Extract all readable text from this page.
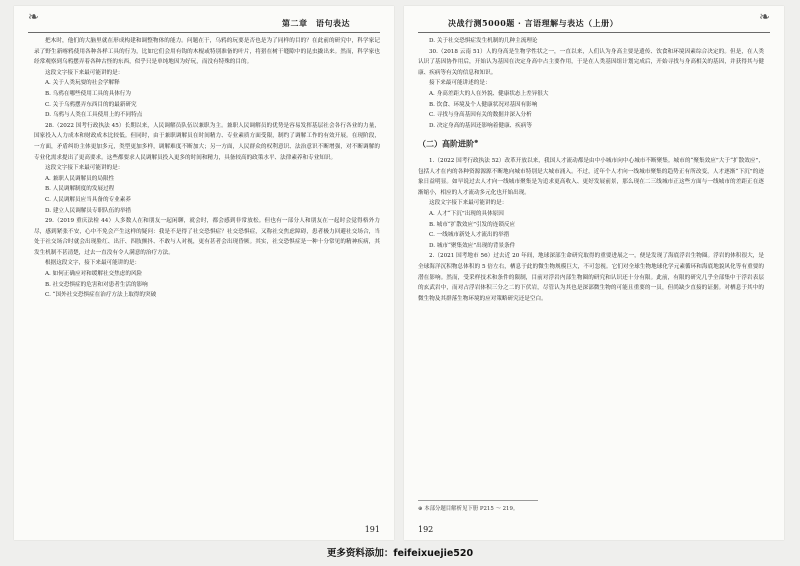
❧	第二章　语句表达

把木时，他们的大脑里就在形成构建和调整物体的能力。问题在于，乌鸦的玩要是否也是为了同样的目的？在此前的研究中，科学家记录了野生新喀鸦使用各种各样工具的行为，比如它们会用有钩的木棍或特别准备的叶片，将猎在树干缝隙中的昆虫撬出来。然而，科学家也经常观察到乌鸦摆弄着各种古怪的东西，似乎只是单纯地因为好玩，而没有特殊的目的。

这段文字接下来最可能讲的是：

A. 关于人类玩耍的社会学解释

B. 乌鸦在哪些使用工具的具体行为

C. 关于乌鸦摆弄东西目的的最新研究

D. 乌鸦与人类在工具使用上的不同特点

28.（2022 国考行政执法 45）长期以来，人民调解员队伍以兼职为主。兼职人民调解员的优势是容易发挥基层社会各行各业的力量，国家投入人力成本和财政成本比较低。但同时，由于兼职调解员在时间精力、专业素质方面受限，制约了调解工作的有效开展。在现阶段，一方面，矛盾纠纷主体更加多元，类型更加多样，调解难度不断加大；另一方面，人民群众的权利意识、法治意识不断增强，对不断调解的专业化需求提出了更高要求。这些都要求人民调解员投入更多的时间和精力，具备较高的政策水平、法律素养和专业知识。

这段文字接下来最可能讲的是：

A. 兼职人民调解员的局限性

B. 人民调解制度的发展过程

C. 人民调解员应当具备的专业素养

D. 建立人民调解员专职队伍的举措

29.（2019 重庆法检 44）人多数人在和朋友一起闲聊，就会时，都会感到非常放松。但也有一部分人和朋友在一起时会觉得格外力尽，感到紧张不安，心中不免会产生这样的疑问：我是不是得了社交恐惧症？社交恐惧症，又称社交焦虑障碍，患者极力回避社交场合，当处于社交场合时就会出现脸红、出汗、四肢颤抖、不敢与人对视，更有甚者会出现昏厥。其实，社交恐惧症是一种十分常见的精神疾病，其发生机制不甚清楚，过去一直没有令人满意的治疗方法。

根据这段文字，接下来最可能讲的是：

A. 如何正确应对和缓解社交焦虑的风险

B. 社交恐惧症的危害和对患者生活的影响

C. “国外社交恐惧症在治疗方法上取得的突破

191
决战行测5000题 · 言语理解与表达（上册）	❧

D. 关于社交恐惧症发生机制的几种主流理论

30.（2018 云南 51）人的身高是生物学性状之一，一直以来，人们认为身高主要是遗传、饮食和环境因素综合决定的。但是，在人类认识了基因协作用后，开始认为基因在决定身高中占主要作用，于是在人类基因组计划完成后，开始寻找与身高相关的基因，并获得其与健康、疾病等有关的信息和知识。

接下来最可能讲述的是：

A. 身高差距大的人在外貌、健康状态上差异很大

B. 饮食、环境及个人健康状况对基因有影响

C. 寻找与身高基因有关的数据并深入分析

D. 决定身高的基因还影响着健康、疾病等

（二）高阶进阶⊕

1.（2022 国考行政执法 52）改革开放以来，我国人才流动都是由中小城市向中心城市不断聚集。城市的“聚集效应”大于“扩散效应”，包括人才在内的各种资源源源不断地向城市特别是大城市涌入。不过，近年个人才向一线城市聚集的趋势正有所改变，人才逐渐“下沉”的迹象日益明显。如早说过去人才向一线城市聚集是为追求更高收入、更好发展前景，那么现在二三线城市正这些方面与一线城市的差距正在逐渐缩小，相应的人才流动多元化也开始出现。

这段文字接下来最可能讲的是：

A. 人才“下沉”出现的具体原因

B. 城市“扩散效应”引发的连锁反应

C. 一线城市新处人才流出的举措

D. 城市“聚集效应”出现的背景条件

2.（2021 国考地市 56）过去近 20 年间，地球深部生命研究取得的重要进展之一，便是发现了海底浮岩生物圈。浮岩的体积很大，是全球海洋沉积物总体积的 5 倍左右，栖息于此的微生物规模巨大，不可忽视。它们对全球生物地球化学元素循环和海底地貌风化等有重要的潜在影响。然而，受采样技术和条件的限制，目前对浮岩内部生物圈的研究和认识还十分有限。此前，有限的研究几乎全部集中于浮岩表层的玄武岩中，而对占浮岩体积三分之二的下伏岩，尽管认为其也是深部微生物的可能且重要的一员，但尚缺少直接的证据。对栖息于其中的微生物及其群落生物环境的应对策略研究还是空白。

⊕ 本部分题目解析见下册 P215 ～ 219。
192
更多资料添加：feifeixuejie520
